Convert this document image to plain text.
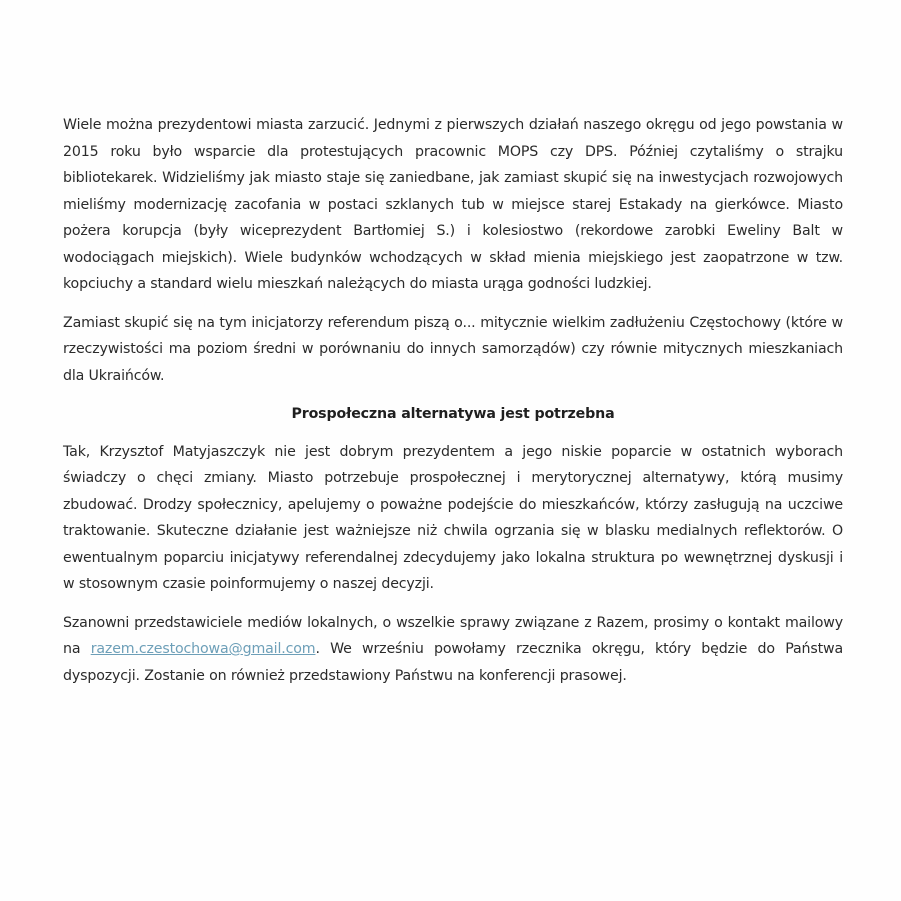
Wiele można prezydentowi miasta zarzucić. Jednymi z pierwszych działań naszego okręgu od jego powstania w 2015 roku było wsparcie dla protestujących pracownic MOPS czy DPS. Później czytaliśmy o strajku bibliotekarek. Widzieliśmy jak miasto staje się zaniedbane, jak zamiast skupić się na inwestycjach rozwojowych mieliśmy modernizację zacofania w postaci szklanych tub w miejsce starej Estakady na gierkówce. Miasto pożera korupcja (były wiceprezydent Bartłomiej S.) i kolesiostwo (rekordowe zarobki Eweliny Balt w wodociągach miejskich). Wiele budynków wchodzących w skład mienia miejskiego jest zaopatrzone w tzw. kopciuchy a standard wielu mieszkań należących do miasta urąga godności ludzkiej.

Zamiast skupić się na tym inicjatorzy referendum piszą o... mitycznie wielkim zadłużeniu Częstochowy (które w rzeczywistości ma poziom średni w porównaniu do innych samorządów) czy równie mitycznych mieszkaniach dla Ukraińców.

Prospołeczna alternatywa jest potrzebna

Tak, Krzysztof Matyjaszczyk nie jest dobrym prezydentem a jego niskie poparcie w ostatnich wyborach świadczy o chęci zmiany. Miasto potrzebuje prospołecznej i merytorycznej alternatywy, którą musimy zbudować. Drodzy społecznicy, apelujemy o poważne podejście do mieszkańców, którzy zasługują na uczciwe traktowanie. Skuteczne działanie jest ważniejsze niż chwila ogrzania się w blasku medialnych reflektorów. O ewentualnym poparciu inicjatywy referendalnej zdecydujemy jako lokalna struktura po wewnętrznej dyskusji i w stosownym czasie poinformujemy o naszej decyzji.

Szanowni przedstawiciele mediów lokalnych, o wszelkie sprawy związane z Razem, prosimy o kontakt mailowy na razem.czestochowa@gmail.com. We wrześniu powołamy rzecznika okręgu, który będzie do Państwa dyspozycji. Zostanie on również przedstawiony Państwu na konferencji prasowej.
